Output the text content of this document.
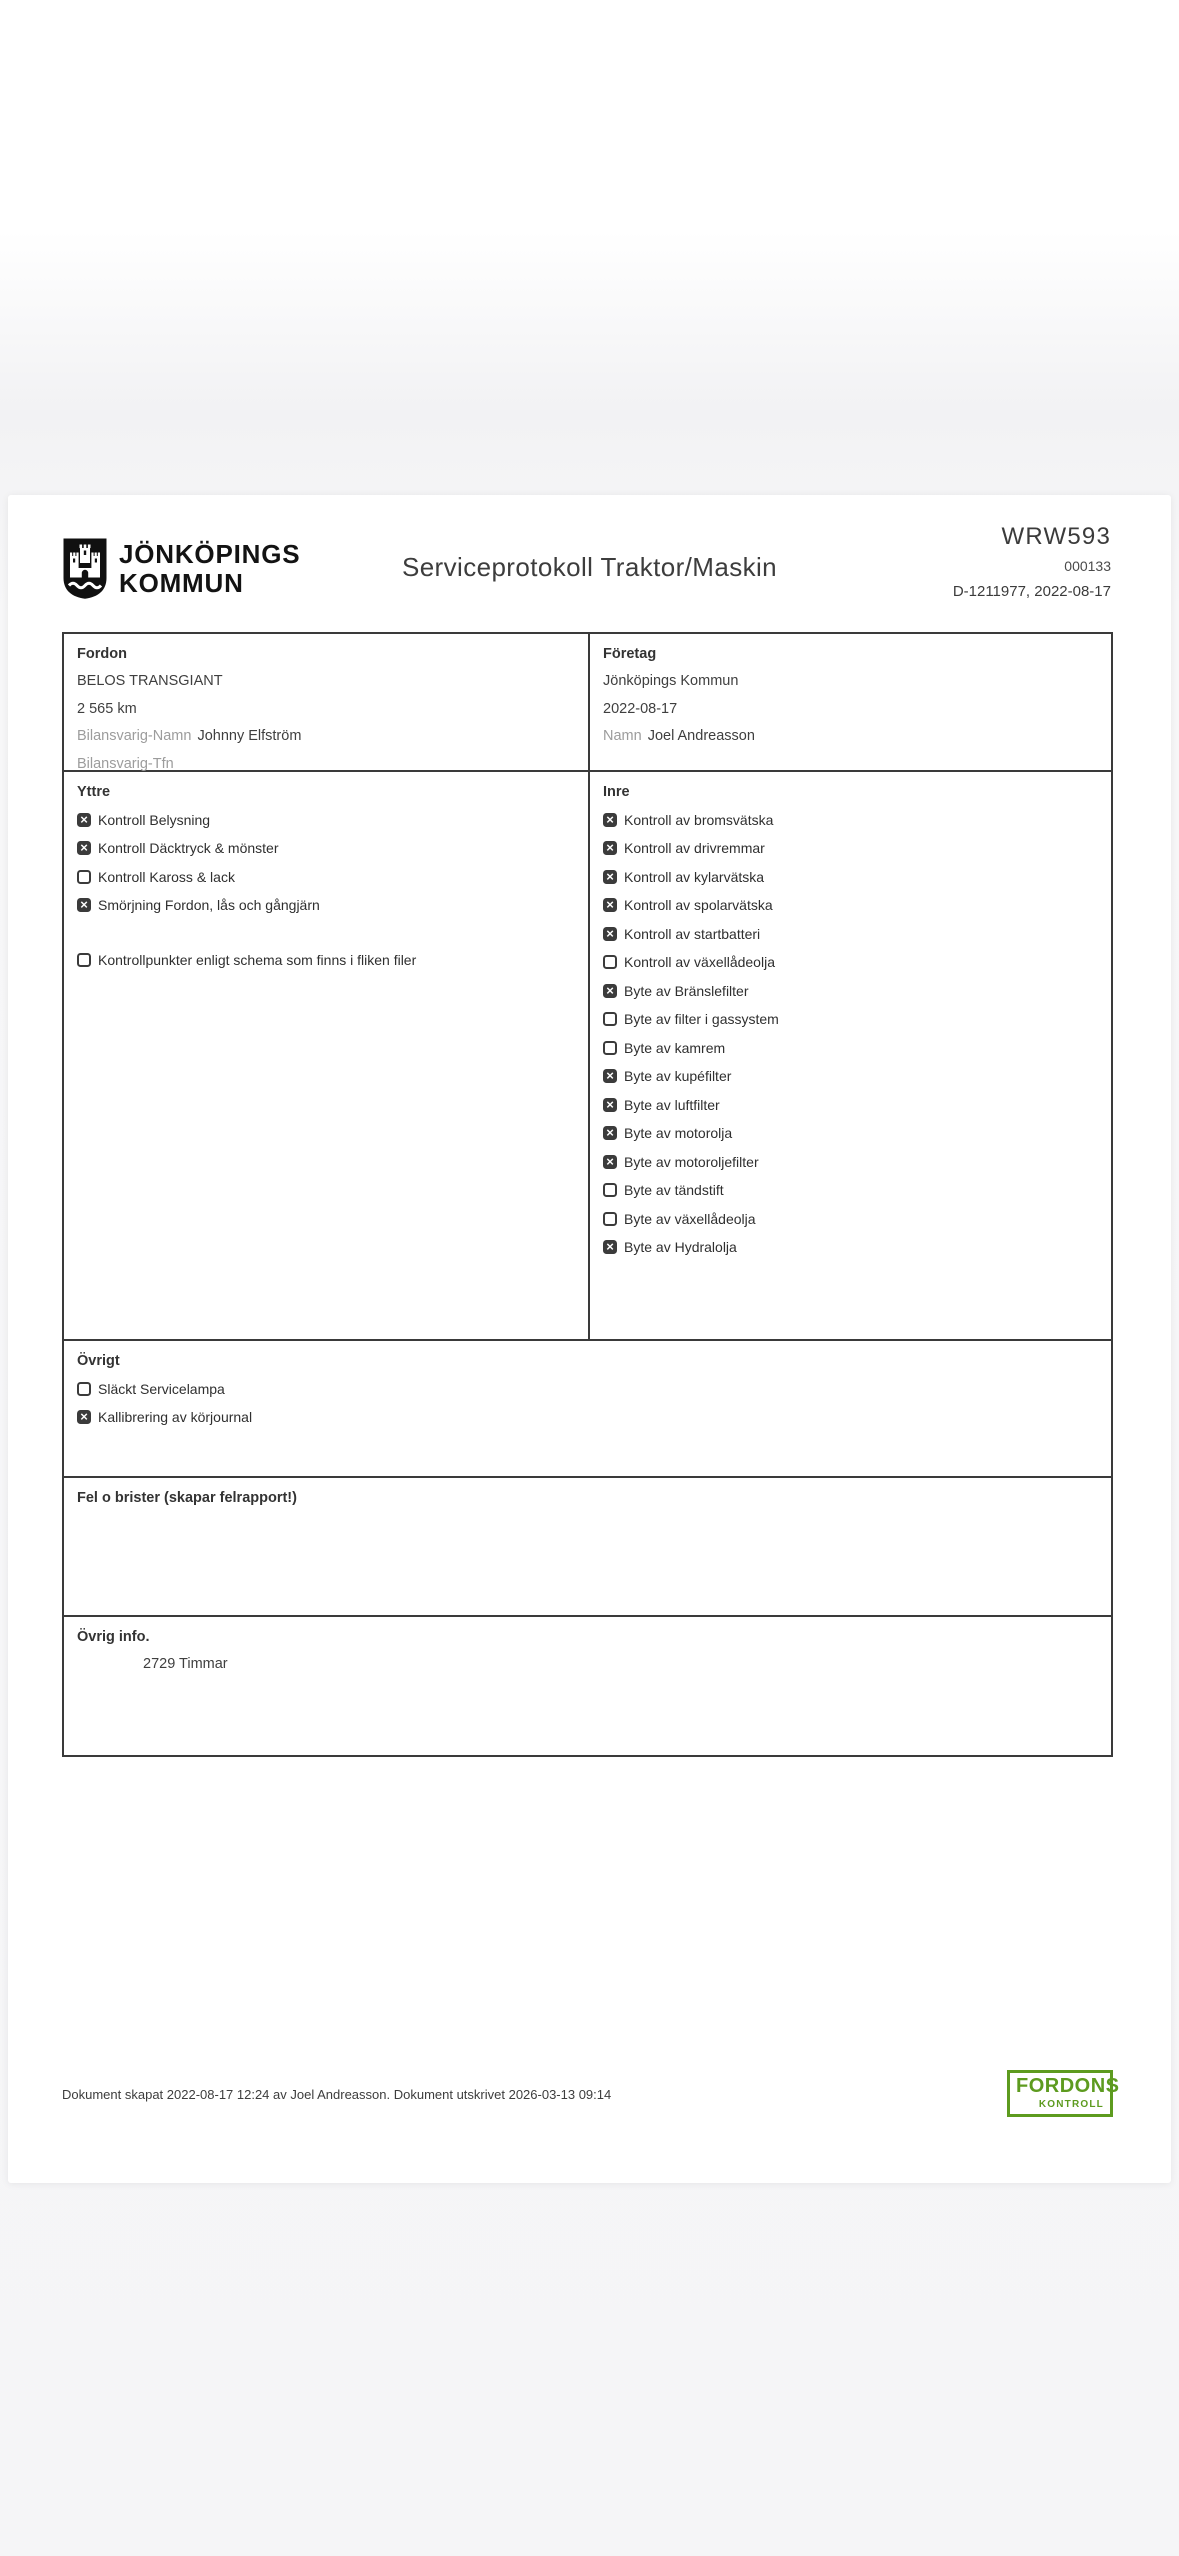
JÖNKÖPINGS
KOMMUN
Serviceprotokoll Traktor/Maskin
WRW593
000133
D-1211977, 2022-08-17
Fordon
BELOS TRANSGIANT
2 565 km
Bilansvarig-Namn Johnny Elfström
Bilansvarig-Tfn
Företag
Jönköpings Kommun
2022-08-17
Namn Joel Andreasson
Yttre
× Kontroll Belysning
× Kontroll Däcktryck & mönster
Kontroll Kaross & lack
× Smörjning Fordon, lås och gångjärn
Kontrollpunkter enligt schema som finns i fliken filer
Inre
× Kontroll av bromsvätska
× Kontroll av drivremmar
× Kontroll av kylarvätska
× Kontroll av spolarvätska
× Kontroll av startbatteri
Kontroll av växellådeolja
× Byte av Bränslefilter
Byte av filter i gassystem
Byte av kamrem
× Byte av kupéfilter
× Byte av luftfilter
× Byte av motorolja
× Byte av motoroljefilter
Byte av tändstift
Byte av växellådeolja
× Byte av Hydralolja
Övrigt
Släckt Servicelampa
× Kallibrering av körjournal
Fel o brister (skapar felrapport!)
Övrig info.
2729 Timmar
Dokument skapat 2022-08-17 12:24 av Joel Andreasson. Dokument utskrivet 2026-03-13 09:14	FORDONS
KONTROLL
